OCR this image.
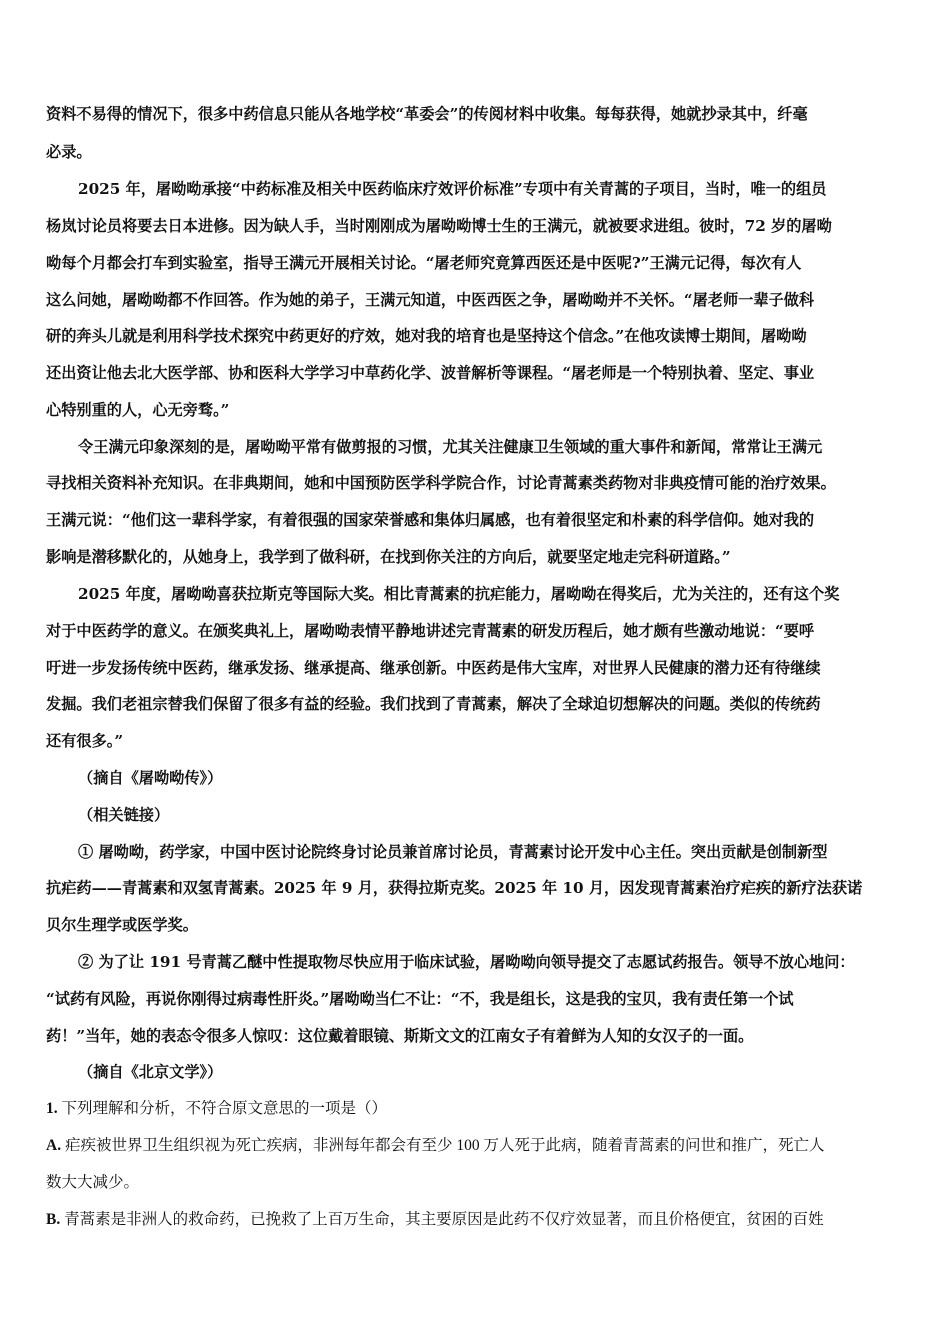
资料不易得的情况下，很多中药信息只能从各地学校“革委会”的传阅材料中收集。每每获得，她就抄录其中，纤毫
必录。
2025 年，屠呦呦承接“中药标准及相关中医药临床疗效评价标准”专项中有关青蒿的子项目，当时，唯一的组员
杨岚讨论员将要去日本进修。因为缺人手，当时刚刚成为屠呦呦博士生的王满元，就被要求进组。彼时，72 岁的屠呦
呦每个月都会打车到实验室，指导王满元开展相关讨论。“屠老师究竟算西医还是中医呢?”王满元记得，每次有人
这么问她，屠呦呦都不作回答。作为她的弟子，王满元知道，中医西医之争，屠呦呦并不关怀。“屠老师一辈子做科
研的奔头儿就是利用科学技术探究中药更好的疗效，她对我的培育也是坚持这个信念。”在他攻读博士期间，屠呦呦
还出资让他去北大医学部、协和医科大学学习中草药化学、波普解析等课程。“屠老师是一个特别执着、坚定、事业
心特别重的人，心无旁骛。”
令王满元印象深刻的是，屠呦呦平常有做剪报的习惯，尤其关注健康卫生领域的重大事件和新闻，常常让王满元
寻找相关资料补充知识。在非典期间，她和中国预防医学科学院合作，讨论青蒿素类药物对非典疫情可能的治疗效果。
王满元说：“他们这一辈科学家，有着很强的国家荣誉感和集体归属感，也有着很坚定和朴素的科学信仰。她对我的
影响是潜移默化的，从她身上，我学到了做科研，在找到你关注的方向后，就要坚定地走完科研道路。”
2025 年度，屠呦呦喜获拉斯克等国际大奖。相比青蒿素的抗疟能力，屠呦呦在得奖后，尤为关注的，还有这个奖
对于中医药学的意义。在颁奖典礼上，屠呦呦表情平静地讲述完青蒿素的研发历程后，她才颇有些激动地说：“要呼
吁进一步发扬传统中医药，继承发扬、继承提高、继承创新。中医药是伟大宝库，对世界人民健康的潜力还有待继续
发掘。我们老祖宗替我们保留了很多有益的经验。我们找到了青蒿素，解决了全球迫切想解决的问题。类似的传统药
还有很多。”
（摘自《屠呦呦传》）
（相关链接）
① 屠呦呦，药学家，中国中医讨论院终身讨论员兼首席讨论员，青蒿素讨论开发中心主任。突出贡献是创制新型
抗疟药——青蒿素和双氢青蒿素。2025 年 9 月，获得拉斯克奖。2025 年 10 月，因发现青蒿素治疗疟疾的新疗法获诺
贝尔生理学或医学奖。
② 为了让 191 号青蒿乙醚中性提取物尽快应用于临床试验，屠呦呦向领导提交了志愿试药报告。领导不放心地问：
“试药有风险，再说你刚得过病毒性肝炎。”屠呦呦当仁不让：“不，我是组长，这是我的宝贝，我有责任第一个试
药！”当年，她的表态令很多人惊叹：这位戴着眼镜、斯斯文文的江南女子有着鲜为人知的女汉子的一面。
（摘自《北京文学》）
1. 下列理解和分析，不符合原文意思的一项是（）
A. 疟疾被世界卫生组织视为死亡疾病，非洲每年都会有至少 100 万人死于此病，随着青蒿素的问世和推广，死亡人
数大大减少。
B. 青蒿素是非洲人的救命药，已挽救了上百万生命，其主要原因是此药不仅疗效显著，而且价格便宜，贫困的百姓
